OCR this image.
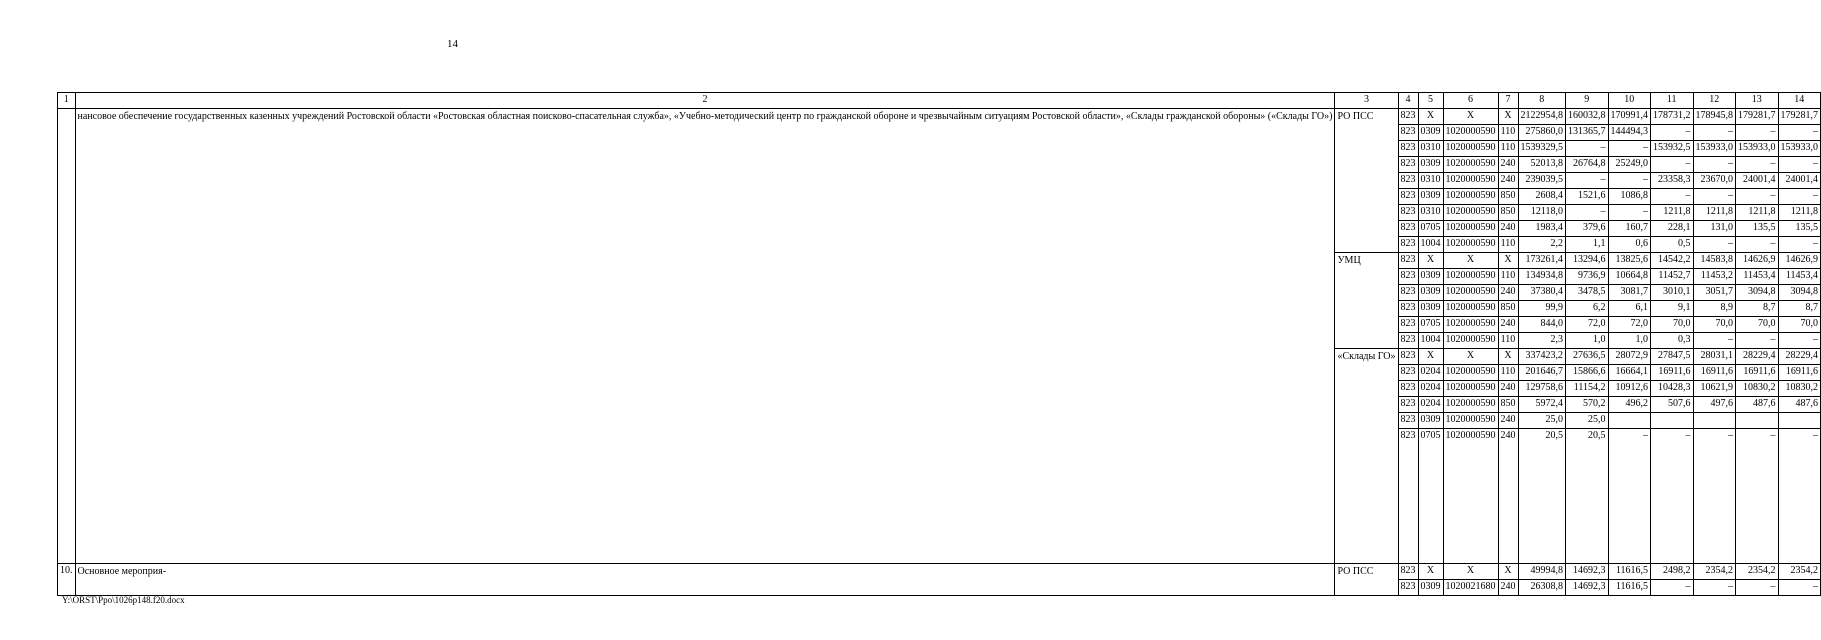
14
1	2	3	4	5	6	7	8	9	10	11	12	13	14
	нансовое обеспечение государственных казенных учреждений Ростовской области «Ростовская областная поисково-спасательная служба», «Учебно-методический центр по гражданской обороне и чрезвычайным ситуациям Ростовской области», «Склады гражданской обороны» («Склады ГО»)	РО ПСС	823	Х	Х	Х	2122954,8	160032,8	170991,4	178731,2	178945,8	179281,7	179281,7
			823	0309	1020000590	110	275860,0	131365,7	144494,3	–	–	–	–
			823	0310	1020000590	110	1539329,5	–	–	153932,5	153933,0	153933,0	153933,0
			823	0309	1020000590	240	52013,8	26764,8	25249,0	–	–	–	–
			823	0310	1020000590	240	239039,5	–	–	23358,3	23670,0	24001,4	24001,4
			823	0309	1020000590	850	2608,4	1521,6	1086,8	–	–	–	–
			823	0310	1020000590	850	12118,0	–	–	1211,8	1211,8	1211,8	1211,8
			823	0705	1020000590	240	1983,4	379,6	160,7	228,1	131,0	135,5	135,5
			823	1004	1020000590	110	2,2	1,1	0,6	0,5	–	–	–
		УМЦ	823	Х	Х	Х	173261,4	13294,6	13825,6	14542,2	14583,8	14626,9	14626,9
			823	0309	1020000590	110	134934,8	9736,9	10664,8	11452,7	11453,2	11453,4	11453,4
			823	0309	1020000590	240	37380,4	3478,5	3081,7	3010,1	3051,7	3094,8	3094,8
			823	0309	1020000590	850	99,9	6,2	6,1	9,1	8,9	8,7	8,7
			823	0705	1020000590	240	844,0	72,0	72,0	70,0	70,0	70,0	70,0
			823	1004	1020000590	110	2,3	1,0	1,0	0,3	–	–	–
		«Склады ГО»	823	Х	Х	Х	337423,2	27636,5	28072,9	27847,5	28031,1	28229,4	28229,4
			823	0204	1020000590	110	201646,7	15866,6	16664,1	16911,6	16911,6	16911,6	16911,6
			823	0204	1020000590	240	129758,6	11154,2	10912,6	10428,3	10621,9	10830,2	10830,2
			823	0204	1020000590	850	5972,4	570,2	496,2	507,6	497,6	487,6	487,6
			823	0309	1020000590	240	25,0	25,0					
			823	0705	1020000590	240	20,5	20,5	–	–	–	–	–
10.	Основное мероприя-	РО ПСС	823	Х	Х	Х	49994,8	14692,3	11616,5	2498,2	2354,2	2354,2	2354,2
			823	0309	1020021680	240	26308,8	14692,3	11616,5	–	–	–	–
Y:\ORST\Ppo\1026p148.f20.docx
